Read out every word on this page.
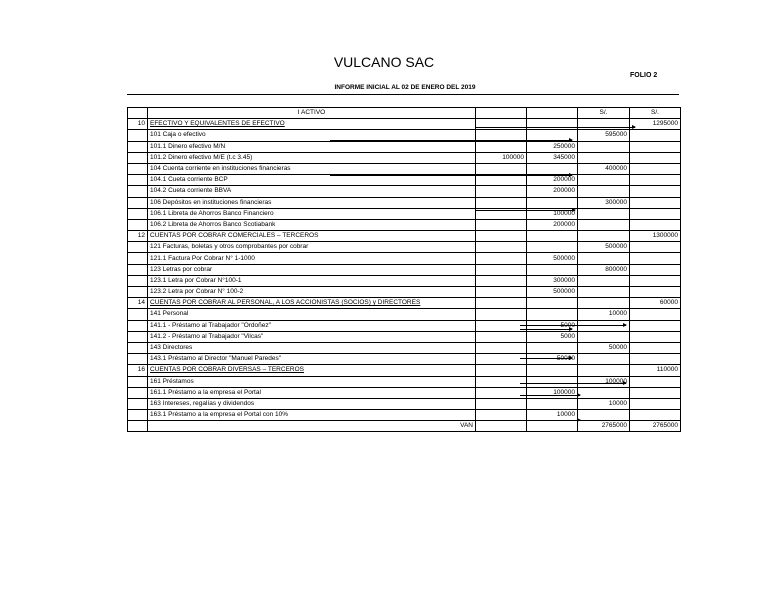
VULCANO SAC
FOLIO 2
INFORME INICIAL AL 02 DE ENERO DEL 2019
	I ACTIVO			S/.	S/.
10	EFECTIVO Y EQUIVALENTES DE EFECTIVO				1295000
	101 Caja o efectivo			595000	
	101.1 Dinero efectivo M/N		250000		
	101.2 Dinero efectivo M/E (t.c 3.45)	100000	345000		
	104 Cuenta corriente en instituciones financieras			400000	
	104.1 Cueta corriente BCP		200000		
	104.2 Cueta corriente BBVA		200000		
	106 Depósitos en instituciones financieras			300000	
	106.1 Libreta de Ahorros Banco Financiero		100000		
	106.2 Libreta de Ahorros Banco Scotiabank		200000		
12	CUENTAS POR COBRAR COMERCIALES – TERCEROS				1300000
	121 Facturas, boletas y otros comprobantes por cobrar			500000	
	121.1 Factura Por Cobrar N° 1-1000		500000		
	123 Letras por cobrar			800000	
	123.1 Letra por Cobrar N°100-1		300000		
	123.2 Letra por Cobrar N° 100-2		500000		
14	CUENTAS POR COBRAR AL PERSONAL, A LOS ACCIONISTAS (SOCIOS) y DIRECTORES				60000
	141 Personal			10000	
	141.1 - Préstamo al Trabajador "Ordoñez"		5000		
	141.2 - Préstamo al Trabajador "Vilcas"		5000		
	143 Directores			50000	
	143.1 Préstamo al Director "Manuel Paredes"		50000		
16	CUENTAS POR COBRAR DIVERSAS – TERCEROS				110000
	161 Préstamos			100000	
	161.1 Préstamo a la empresa el Portal		100000		
	163 Intereses, regalías y dividendos			10000	
	163.1 Préstamo a la empresa el Portal con 10%		10000		
	VAN			2765000	2765000
